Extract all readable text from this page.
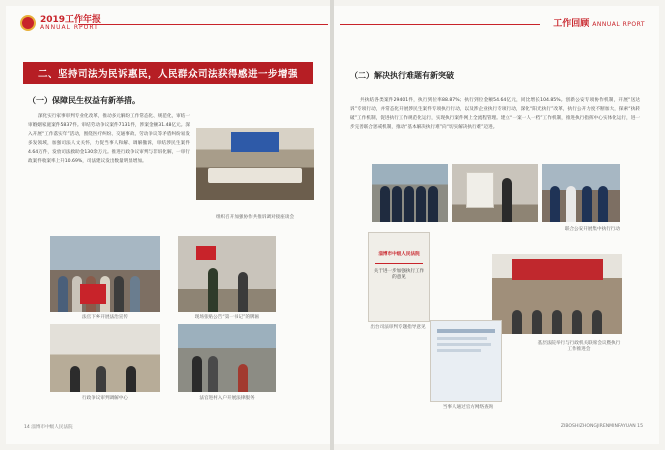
2019工作年报
ANNUAL RPORT	工作回顾 ANNUAL RPORT
二、坚持司法为民诉惠民，人民群众司法获得感进一步增强
（一）保障民生权益有新举措。
深化实行家事审判专业化改革，推动多元解纷工作常态化、规范化，审结一审婚姻家庭案件5837件。审结劳动争议案件7131件，涉案金额31.48亿元。深入开展“工作落实年”活动，围绕医疗纠纷、交通事故、劳动争议等矛盾纠纷易发多发领域，加强司法人文关怀，力促当事人和解、调解撤诉，审结涉民生案件4.64万件，发放司法救助金130余万元。推进行政争议审判与非诉化解，一审行政案件收案率上升10.69%，司法建议发出数量明显增加。
组织召开加强协作共推诉调对接座谈会
法官下乡开展法治宣传	现场张贴公告“第一书记”的牌匾
行政争议审判调解中心	法官进村入户开展法律服务
（二）解决执行难题有新突破
共执结各类案件29401件，执行到位率88.87%；执行到位金额54.64亿元，同比增长104.85%。创新公安专项协作机制，开展“送达诉”专项行动，并常态化开展涉民生案件专项执行行动，以及涉企业执行专项行动，深化“阳光执行”改革，执行公开力度不断加大，探索“执转破”工作机制，促进执行工作规范化运行，实现执行案件网上全流程管理。建立“一案一人一档”工作机制，推进执行指挥中心实体化运行，进一步完善联合惩戒机制，推动“基本解决执行难”向“切实解决执行难”迈进。
联合公安开展集中执行行动
淄博市中级人民法院
关于进一步加强执行工作的意见
出台司法审判专题指导意见
基层法院举行与行政机关联席会议暨执行工作推进会
当事人通过官方网络查询
14 淄博市中级人民法院	ZIBOSHIZHONGJIRENMINFAYUAN 15
